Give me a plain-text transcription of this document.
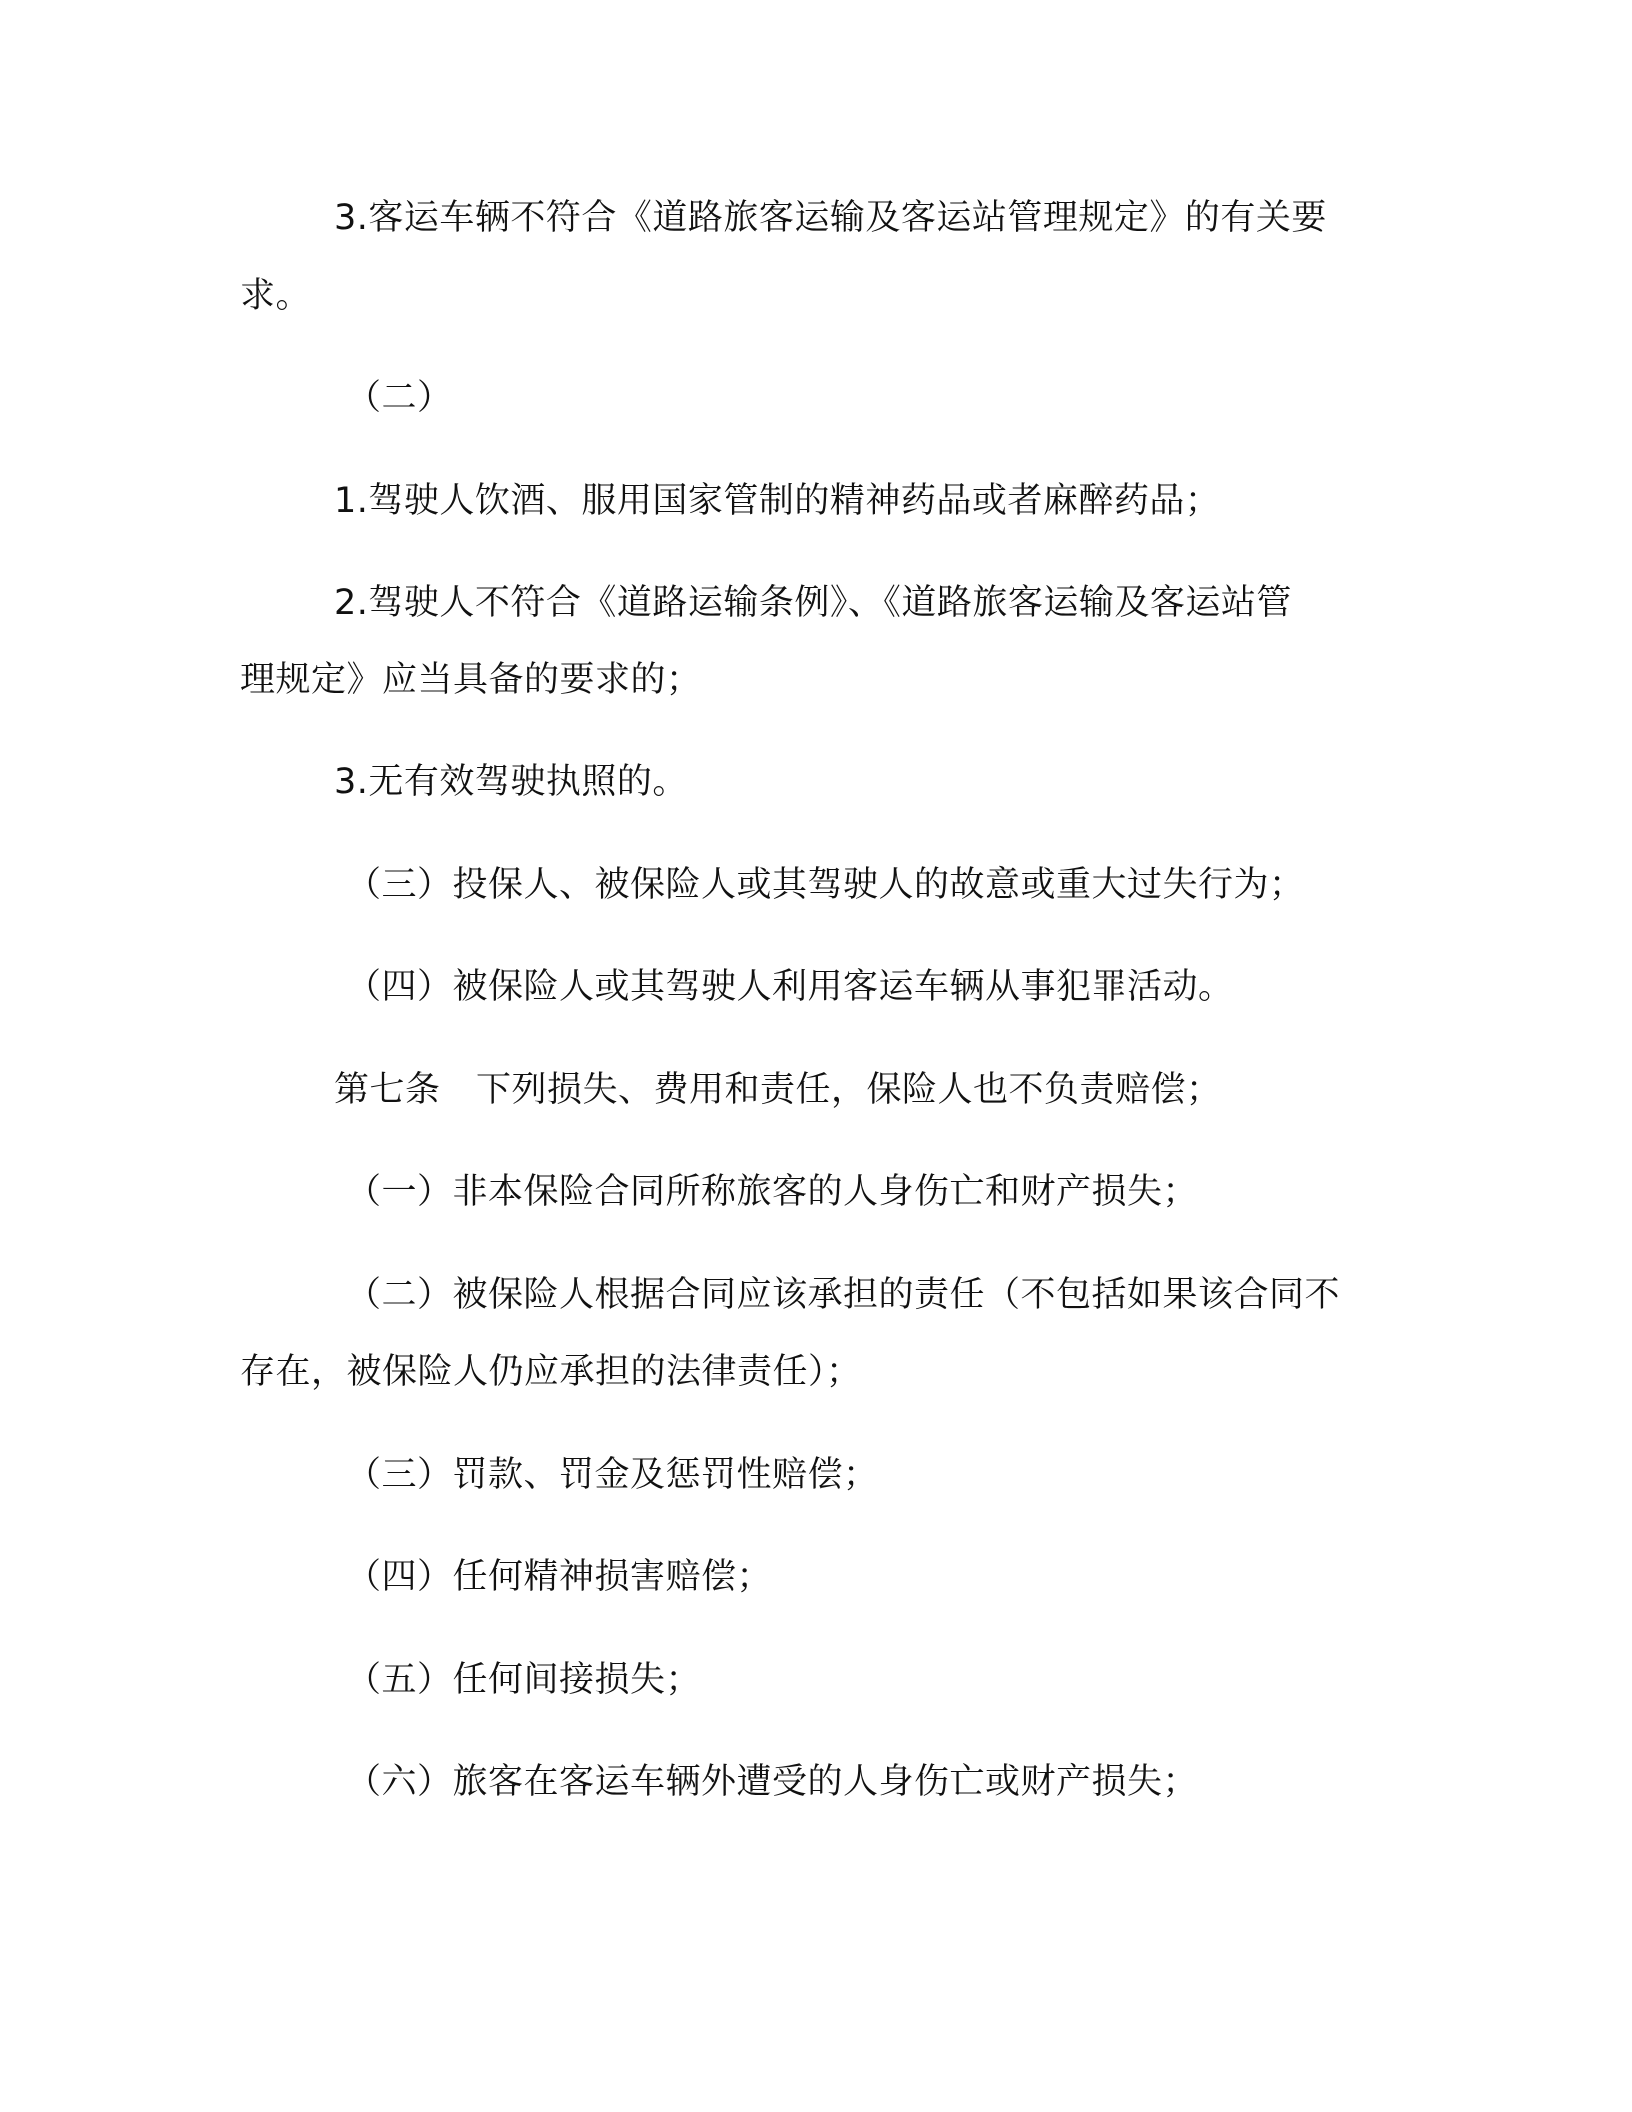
3.客运车辆不符合《道路旅客运输及客运站管理规定》的有关要
求。
（二）
1.驾驶人饮酒、服用国家管制的精神药品或者麻醉药品；
2.驾驶人不符合《道路运输条例》、《道路旅客运输及客运站管
理规定》应当具备的要求的；
3.无有效驾驶执照的。
（三）投保人、被保险人或其驾驶人的故意或重大过失行为；
（四）被保险人或其驾驶人利用客运车辆从事犯罪活动。
第七条　下列损失、费用和责任，保险人也不负责赔偿；
（一）非本保险合同所称旅客的人身伤亡和财产损失；
（二）被保险人根据合同应该承担的责任（不包括如果该合同不
存在，被保险人仍应承担的法律责任）；
（三）罚款、罚金及惩罚性赔偿；
（四）任何精神损害赔偿；
（五）任何间接损失；
（六）旅客在客运车辆外遭受的人身伤亡或财产损失；
